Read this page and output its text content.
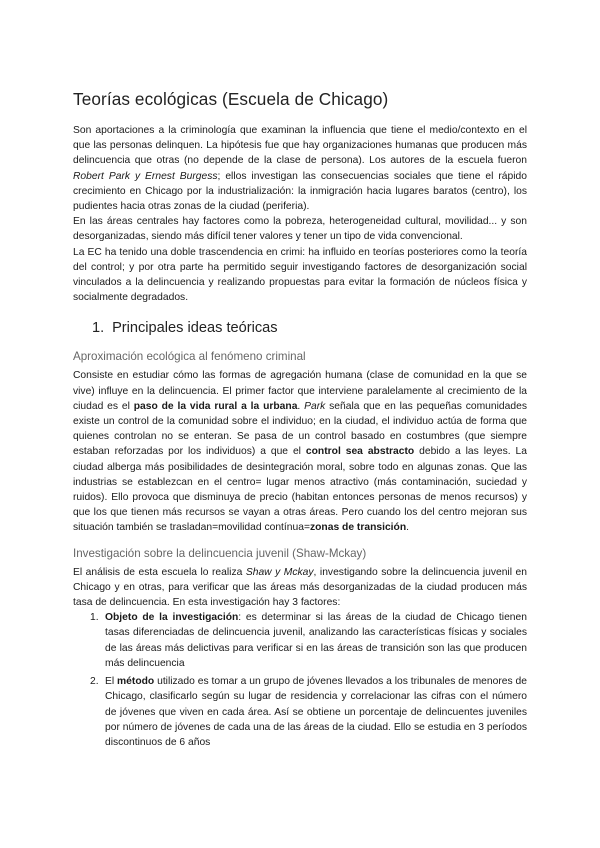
Teorías ecológicas (Escuela de Chicago)

Son aportaciones a la criminología que examinan la influencia que tiene el medio/contexto en el que las personas delinquen. La hipótesis fue que hay organizaciones humanas que producen más delincuencia que otras (no depende de la clase de persona). Los autores de la escuela fueron Robert Park y Ernest Burgess; ellos investigan las consecuencias sociales que tiene el rápido crecimiento en Chicago por la industrialización: la inmigración hacia lugares baratos (centro), los pudientes hacia otras zonas de la ciudad (periferia).

En las áreas centrales hay factores como la pobreza, heterogeneidad cultural, movilidad... y son desorganizadas, siendo más difícil tener valores y tener un tipo de vida convencional.

La EC ha tenido una doble trascendencia en crimi: ha influido en teorías posteriores como la teoría del control; y por otra parte ha permitido seguir investigando factores de desorganización social vinculados a la delincuencia y realizando propuestas para evitar la formación de núcleos física y socialmente degradados.

1. Principales ideas teóricas
Aproximación ecológica al fenómeno criminal

Consiste en estudiar cómo las formas de agregación humana (clase de comunidad en la que se vive) influye en la delincuencia. El primer factor que interviene paralelamente al crecimiento de la ciudad es el paso de la vida rural a la urbana. Park señala que en las pequeñas comunidades existe un control de la comunidad sobre el individuo; en la ciudad, el individuo actúa de forma que quienes controlan no se enteran. Se pasa de un control basado en costumbres (que siempre estaban reforzadas por los individuos) a que el control sea abstracto debido a las leyes. La ciudad alberga más posibilidades de desintegración moral, sobre todo en algunas zonas. Que las industrias se establezcan en el centro= lugar menos atractivo (más contaminación, suciedad y ruidos). Ello provoca que disminuya de precio (habitan entonces personas de menos recursos) y que los que tienen más recursos se vayan a otras áreas. Pero cuando los del centro mejoran sus situación también se trasladan=movilidad contínua=zonas de transición.

Investigación sobre la delincuencia juvenil (Shaw-Mckay)

El análisis de esta escuela lo realiza Shaw y Mckay, investigando sobre la delincuencia juvenil en Chicago y en otras, para verificar que las áreas más desorganizadas de la ciudad producen más tasa de delincuencia. En esta investigación hay 3 factores:

1. Objeto de la investigación: es determinar si las áreas de la ciudad de Chicago tienen tasas diferenciadas de delincuencia juvenil, analizando las características físicas y sociales de las áreas más delictivas para verificar si en las áreas de transición son las que producen más delincuencia
2. El método utilizado es tomar a un grupo de jóvenes llevados a los tribunales de menores de Chicago, clasificarlo según su lugar de residencia y correlacionar las cifras con el número de jóvenes que viven en cada área. Así se obtiene un porcentaje de delincuentes juveniles por número de jóvenes de cada una de las áreas de la ciudad. Ello se estudia en 3 períodos discontinuos de 6 años
